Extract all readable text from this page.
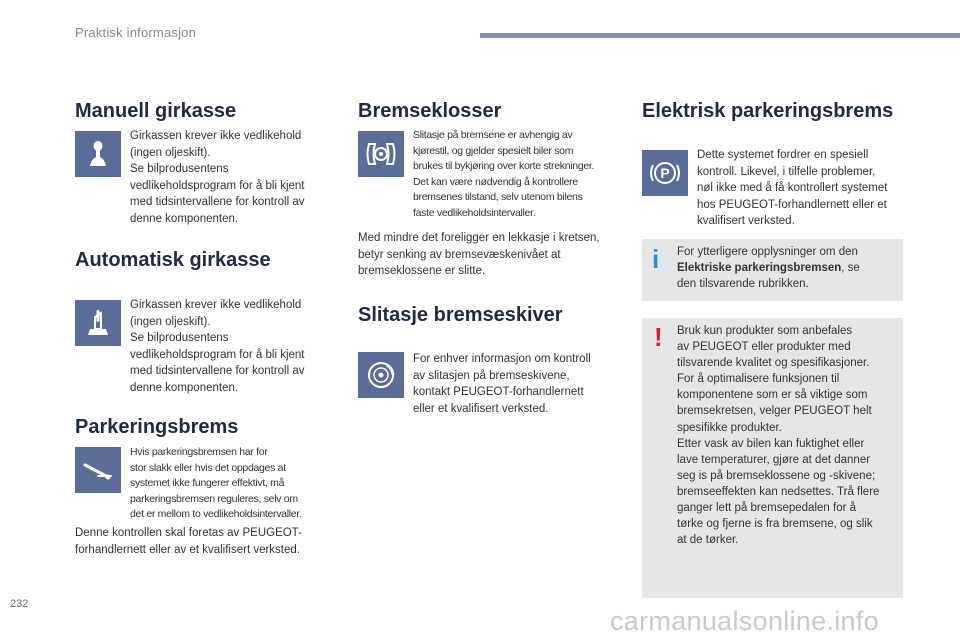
Praktisk informasjon
Manuell girkasse

Girkassen krever ikke vedlikehold
(ingen oljeskift).
Se bilprodusentens
vedlikeholdsprogram for å bli kjent
med tidsintervallene for kontroll av
denne komponenten.

Automatisk girkasse

Girkassen krever ikke vedlikehold
(ingen oljeskift).
Se bilprodusentens
vedlikeholdsprogram for å bli kjent
med tidsintervallene for kontroll av
denne komponenten.

Parkeringsbrems

Hvis parkeringsbremsen har for
stor slakk eller hvis det oppdages at
systemet ikke fungerer effektivt, må
parkeringsbremsen reguleres, selv om
det er mellom to vedlikeholdsintervaller.

Denne kontrollen skal foretas av PEUGEOT-
forhandlernett eller av et kvalifisert verksted.

Bremseklosser

Slitasje på bremsene er avhengig av
kjørestil, og gjelder spesielt biler som
brukes til bykjøring over korte strekninger.
Det kan være nødvendig å kontrollere
bremsenes tilstand, selv utenom bilens
faste vedlikeholdsintervaller.

Med mindre det foreligger en lekkasje i kretsen,
betyr senking av bremsevæskenivået at
bremseklossene er slitte.

Slitasje bremseskiver

For enhver informasjon om kontroll
av slitasjen på bremseskivene,
kontakt PEUGEOT-forhandlernett
eller et kvalifisert verksted.

Elektrisk parkeringsbrems
P

Dette systemet fordrer en spesiell
kontroll. Likevel, i tilfelle problemer,
nøl ikke med å få kontrollert systemet
hos PEUGEOT-forhandlernett eller et
kvalifisert verksted.

i For ytterligere opplysninger om den
Elektriske parkeringsbremsen, se
den tilsvarende rubrikken.

! Bruk kun produkter som anbefales
av PEUGEOT eller produkter med
tilsvarende kvalitet og spesifikasjoner.
For å optimalisere funksjonen til
komponentene som er så viktige som
bremsekretsen, velger PEUGEOT helt
spesifikke produkter.
Etter vask av bilen kan fuktighet eller
lave temperaturer, gjøre at det danner
seg is på bremseklossene og -skivene;
bremseeffekten kan nedsettes. Trå flere
ganger lett på bremsepedalen for å
tørke og fjerne is fra bremsene, og slik
at de tørker.

232
carmanualsonline.info
